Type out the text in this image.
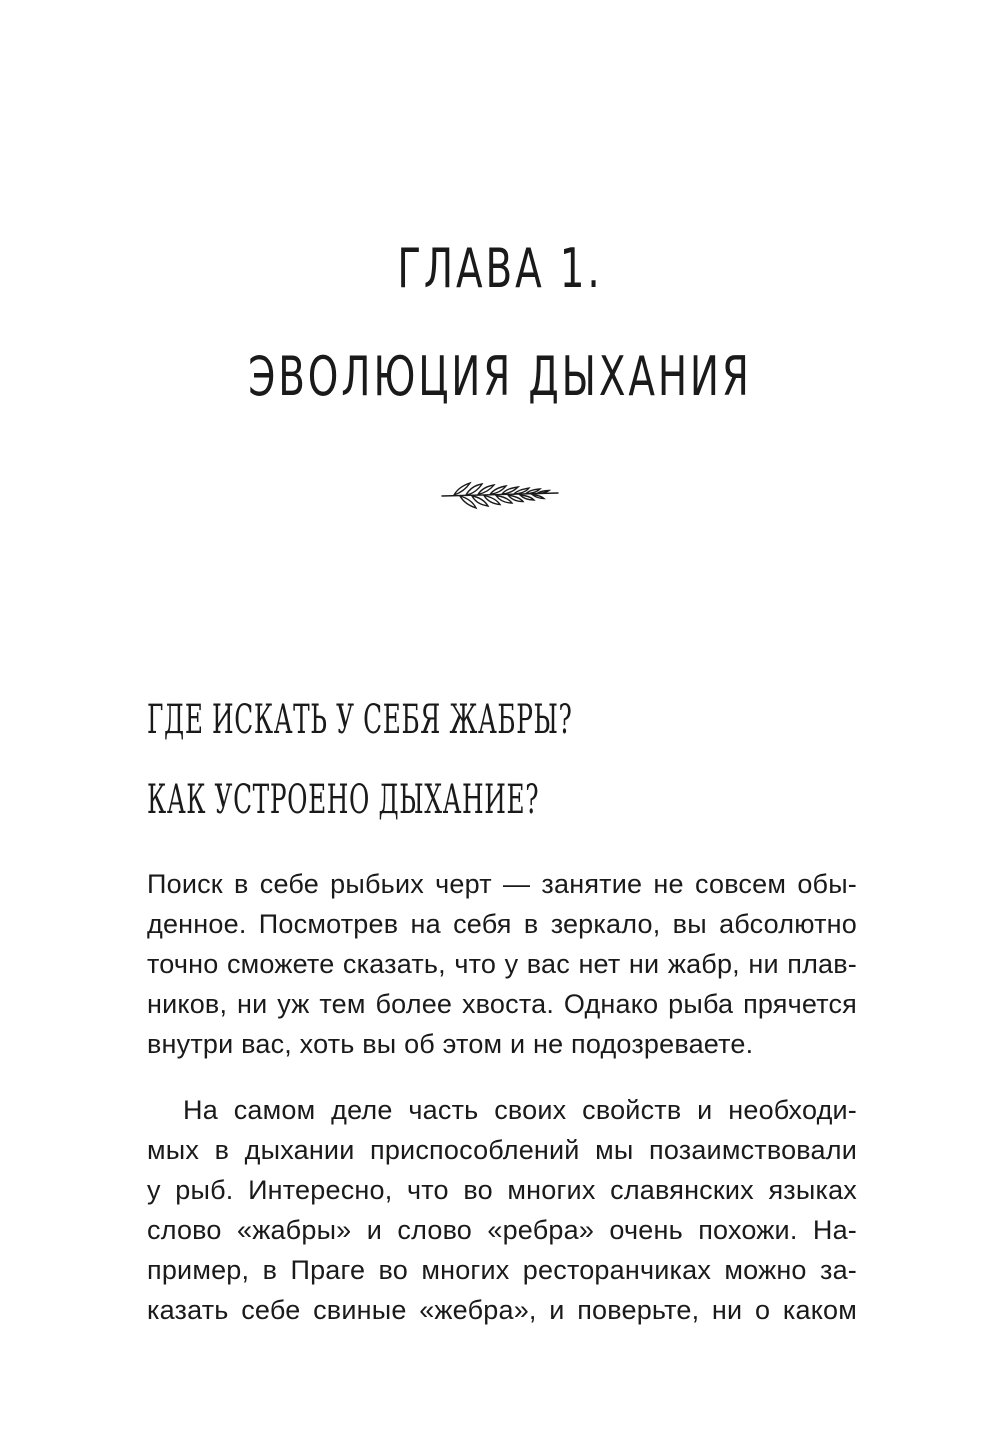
ГЛАВА 1.
ЭВОЛЮЦИЯ ДЫХАНИЯ
ГДЕ ИСКАТЬ У СЕБЯ ЖАБРЫ?
КАК УСТРОЕНО ДЫХАНИЕ?

Поиск в себе рыбьих черт — занятие не совсем обы-
денное. Посмотрев на себя в зеркало, вы абсолютно
точно сможете сказать, что у вас нет ни жабр, ни плав-
ников, ни уж тем более хвоста. Однако рыба прячется
внутри вас, хоть вы об этом и не подозреваете.

На самом деле часть своих свойств и необходи-
мых в дыхании приспособлений мы позаимствовали
у рыб. Интересно, что во многих славянских языках
слово «жабры» и слово «ребра» очень похожи. На-
пример, в Праге во многих ресторанчиках можно за-
казать себе свиные «жебра», и поверьте, ни о каком
